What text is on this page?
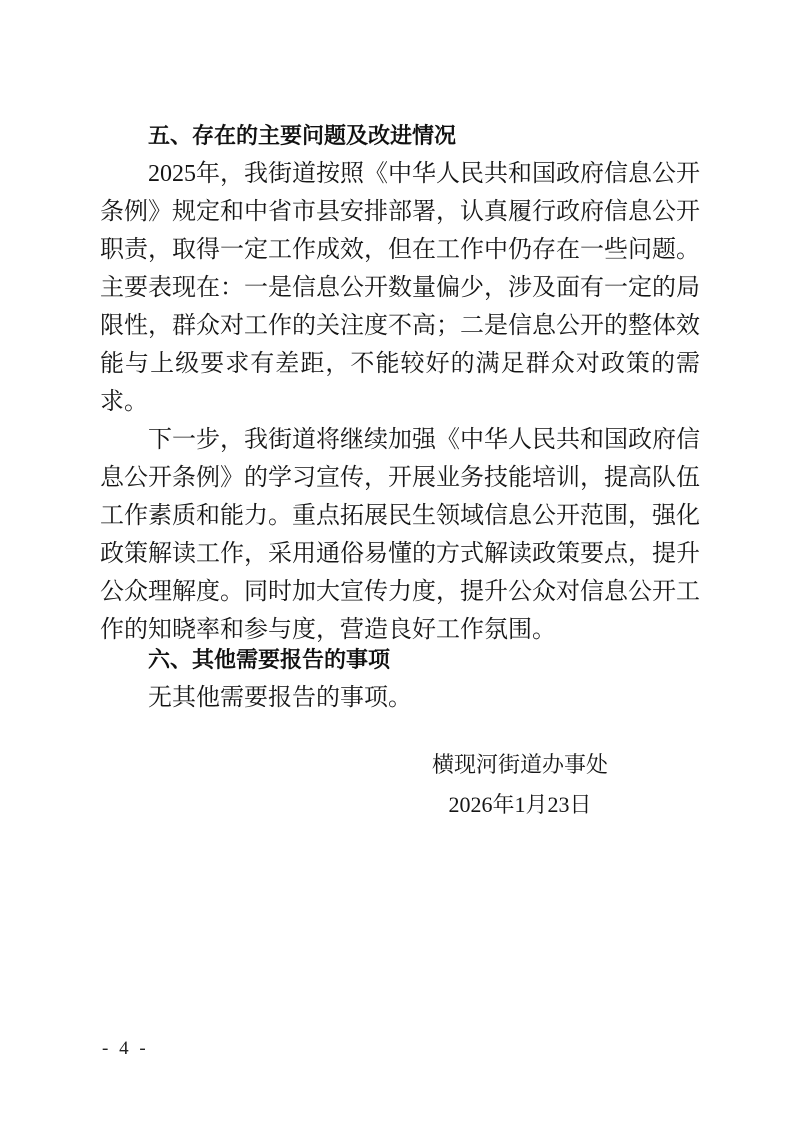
五、存在的主要问题及改进情况

2025年，我街道按照《中华人民共和国政府信息公开条例》规定和中省市县安排部署，认真履行政府信息公开职责，取得一定工作成效，但在工作中仍存在一些问题。主要表现在：一是信息公开数量偏少，涉及面有一定的局限性，群众对工作的关注度不高；二是信息公开的整体效能与上级要求有差距，不能较好的满足群众对政策的需求。

下一步，我街道将继续加强《中华人民共和国政府信息公开条例》的学习宣传，开展业务技能培训，提高队伍工作素质和能力。重点拓展民生领域信息公开范围，强化政策解读工作，采用通俗易懂的方式解读政策要点，提升公众理解度。同时加大宣传力度，提升公众对信息公开工作的知晓率和参与度，营造良好工作氛围。

六、其他需要报告的事项

无其他需要报告的事项。

横现河街道办事处
2026年1月23日
- 4 -
